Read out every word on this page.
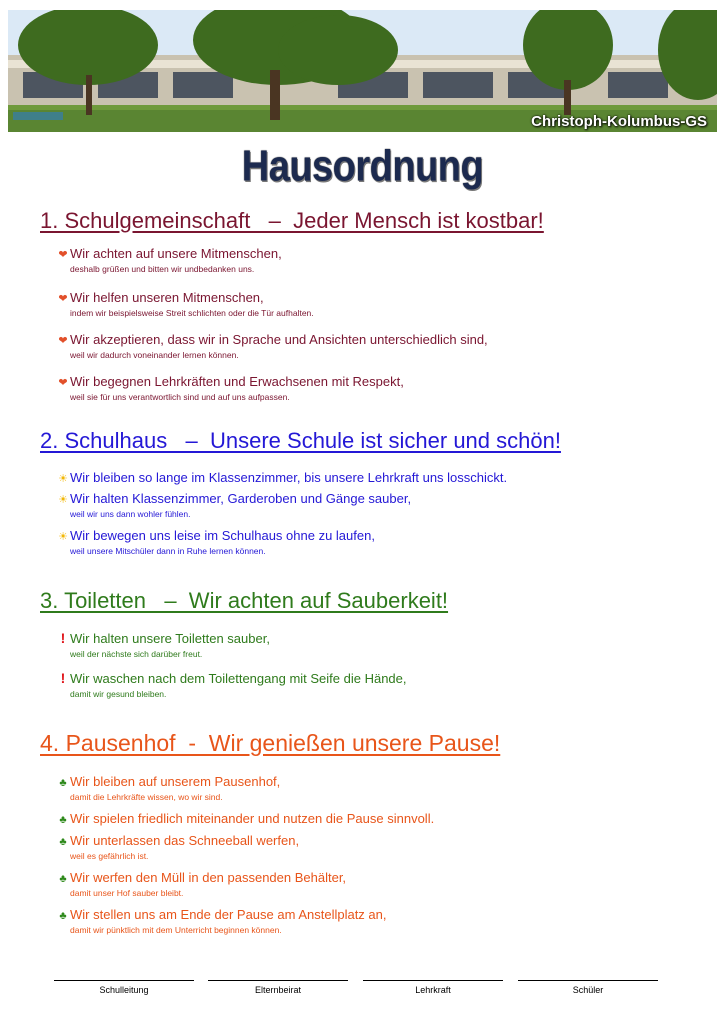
Christoph-Kolumbus-GS
Hausordnung
1. Schulgemeinschaft   –  Jeder Mensch ist kostbar!
❤ Wir achten auf unsere Mitmenschen,
deshalb grüßen und bitten wir undbedanken uns.
❤ Wir helfen unseren Mitmenschen,
indem wir beispielsweise Streit schlichten oder die Tür aufhalten.
❤ Wir akzeptieren, dass wir in Sprache und Ansichten unterschiedlich sind,
weil wir dadurch voneinander lernen können.
❤ Wir begegnen Lehrkräften und Erwachsenen mit Respekt,
weil sie für uns verantwortlich sind und auf uns aufpassen.
2. Schulhaus   –  Unsere Schule ist sicher und schön!
☀ Wir bleiben so lange im Klassenzimmer, bis unsere Lehrkraft uns losschickt.
☀ Wir halten Klassenzimmer, Garderoben und Gänge sauber,
weil wir uns dann wohler fühlen.
☀ Wir bewegen uns leise im Schulhaus ohne zu laufen,
weil unsere Mitschüler dann in Ruhe lernen können.
3. Toiletten   –  Wir achten auf Sauberkeit!
! Wir halten unsere Toiletten sauber,
weil der nächste sich darüber freut.
! Wir waschen nach dem Toilettengang mit Seife die Hände,
damit wir gesund bleiben.
4. Pausenhof  -  Wir genießen unsere Pause!
♣ Wir bleiben auf unserem Pausenhof,
damit die Lehrkräfte wissen, wo wir sind.
♣ Wir spielen friedlich miteinander und nutzen die Pause sinnvoll.
♣ Wir unterlassen das Schneeball werfen,
weil es gefährlich ist.
♣ Wir werfen den Müll in den passenden Behälter,
damit unser Hof sauber bleibt.
♣ Wir stellen uns am Ende der Pause am Anstellplatz an,
damit wir pünktlich mit dem Unterricht beginnen können.
Schulleitung	Elternbeirat	Lehrkraft	Schüler
